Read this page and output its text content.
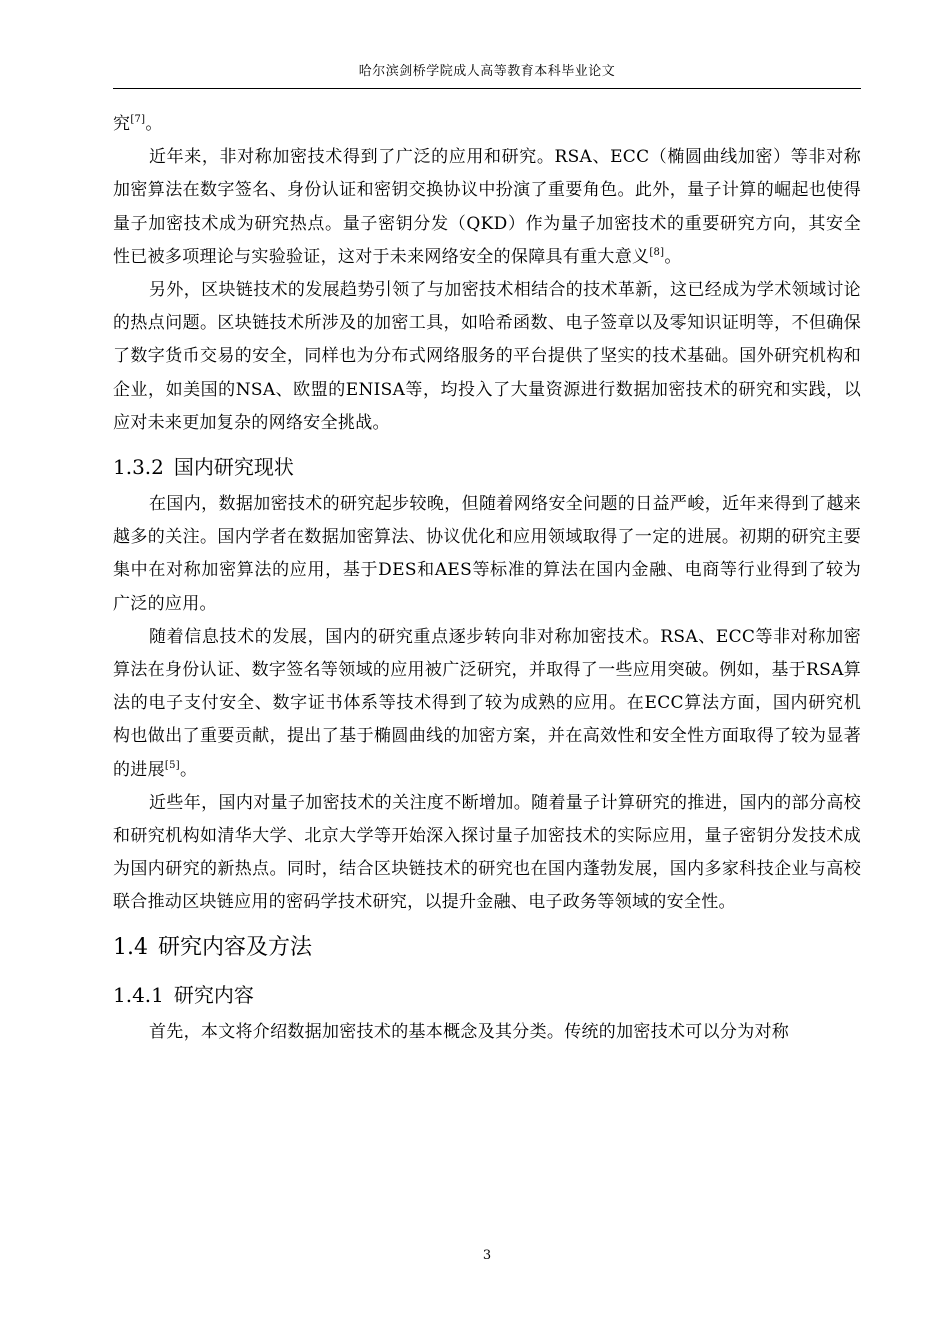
哈尔滨剑桥学院成人高等教育本科毕业论文

究[7]。

近年来，非对称加密技术得到了广泛的应用和研究。RSA、ECC（椭圆曲线加密）等非对称加密算法在数字签名、身份认证和密钥交换协议中扮演了重要角色。此外，量子计算的崛起也使得量子加密技术成为研究热点。量子密钥分发（QKD）作为量子加密技术的重要研究方向，其安全性已被多项理论与实验验证，这对于未来网络安全的保障具有重大意义[8]。

另外，区块链技术的发展趋势引领了与加密技术相结合的技术革新，这已经成为学术领域讨论的热点问题。区块链技术所涉及的加密工具，如哈希函数、电子签章以及零知识证明等，不但确保了数字货币交易的安全，同样也为分布式网络服务的平台提供了坚实的技术基础。国外研究机构和企业，如美国的NSA、欧盟的ENISA等，均投入了大量资源进行数据加密技术的研究和实践，以应对未来更加复杂的网络安全挑战。

1.3.2 国内研究现状

在国内，数据加密技术的研究起步较晚，但随着网络安全问题的日益严峻，近年来得到了越来越多的关注。国内学者在数据加密算法、协议优化和应用领域取得了一定的进展。初期的研究主要集中在对称加密算法的应用，基于DES和AES等标准的算法在国内金融、电商等行业得到了较为广泛的应用。

随着信息技术的发展，国内的研究重点逐步转向非对称加密技术。RSA、ECC等非对称加密算法在身份认证、数字签名等领域的应用被广泛研究，并取得了一些应用突破。例如，基于RSA算法的电子支付安全、数字证书体系等技术得到了较为成熟的应用。在ECC算法方面，国内研究机构也做出了重要贡献，提出了基于椭圆曲线的加密方案，并在高效性和安全性方面取得了较为显著的进展[5]。

近些年，国内对量子加密技术的关注度不断增加。随着量子计算研究的推进，国内的部分高校和研究机构如清华大学、北京大学等开始深入探讨量子加密技术的实际应用，量子密钥分发技术成为国内研究的新热点。同时，结合区块链技术的研究也在国内蓬勃发展，国内多家科技企业与高校联合推动区块链应用的密码学技术研究，以提升金融、电子政务等领域的安全性。

1.4 研究内容及方法
1.4.1 研究内容

首先，本文将介绍数据加密技术的基本概念及其分类。传统的加密技术可以分为对称

3
